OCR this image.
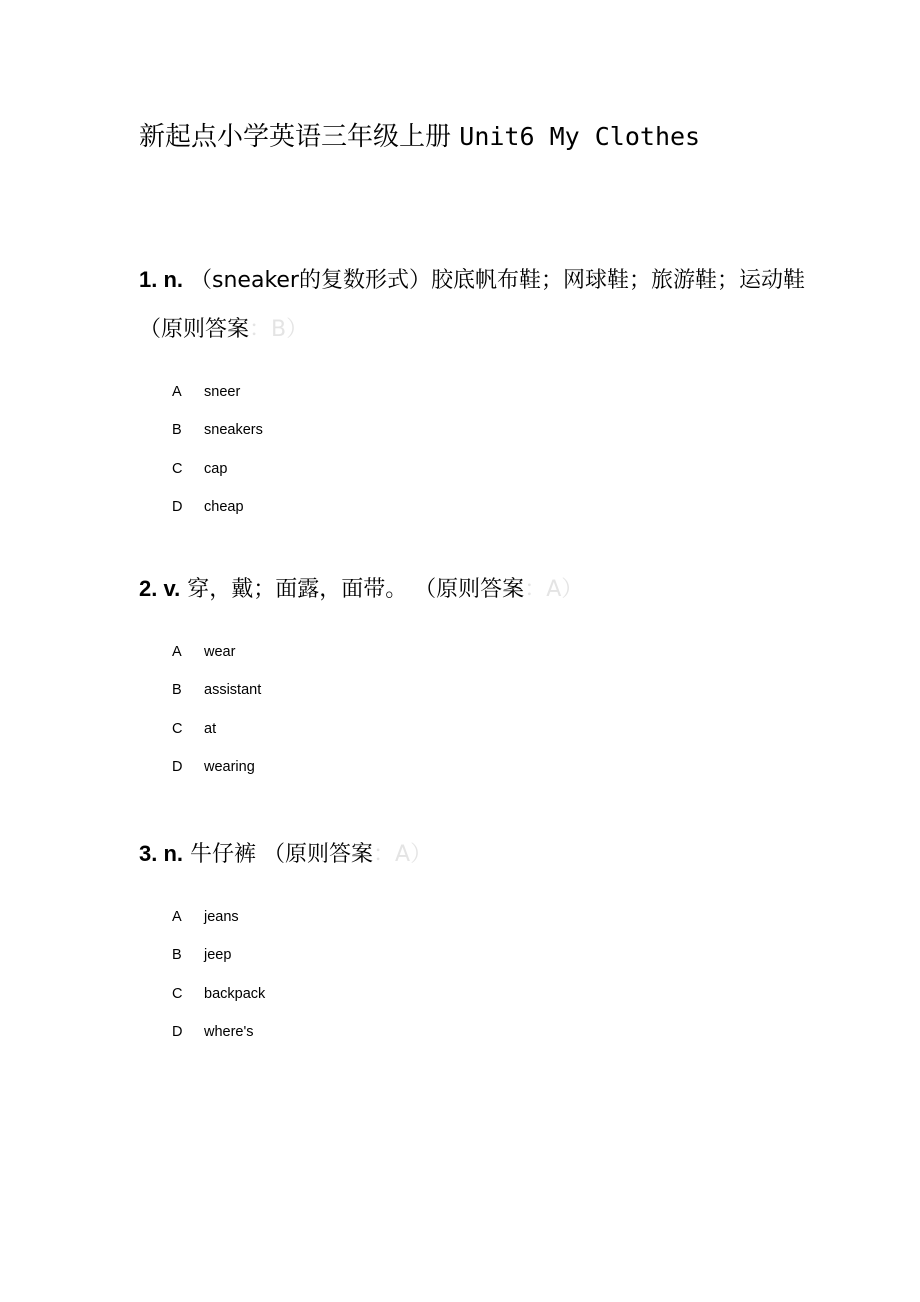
新起点小学英语三年级上册 Unit6 My Clothes

1. n. （sneaker的复数形式）胶底帆布鞋；网球鞋；旅游鞋；运动鞋 （原则答案：B）

A sneer
B sneakers
C cap
D cheap

2. v. 穿，戴；面露，面带。 （原则答案：A）

A wear
B assistant
C at
D wearing

3. n. 牛仔裤 （原则答案：A）

A jeans
B jeep
C backpack
D where's
